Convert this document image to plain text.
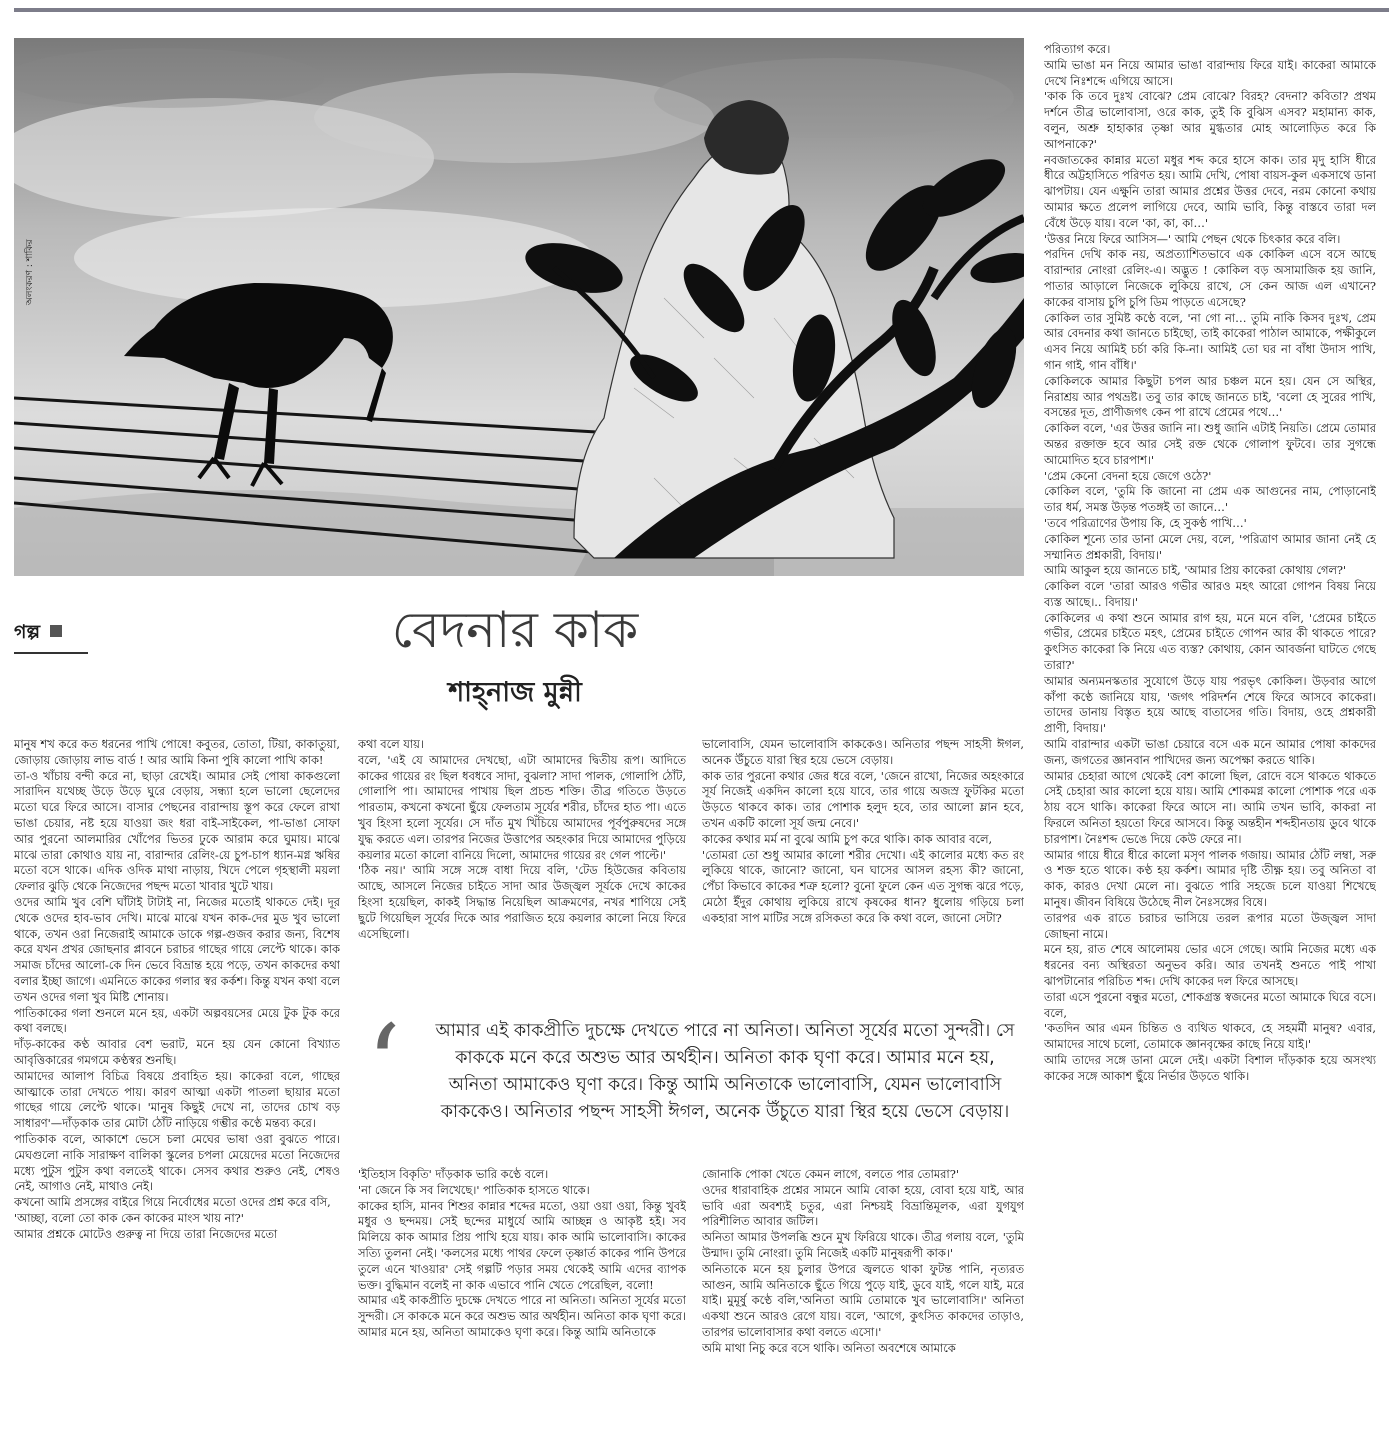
অলংকরণ : শাকির
গল্প	বেদনার কাক
শাহ্‌নাজ মুন্নী

মানুষ শখ করে কত ধরনের পাখি পোষে! কবুতর, তোতা, টিয়া, কাকাতুয়া, জোড়ায় জোড়ায় লাভ বার্ড ! আর আমি কিনা পুষি কালো পাখি কাক!

তা-ও খাঁচায় বন্দী করে না, ছাড়া রেখেই। আমার সেই পোষা কাকগুলো সারাদিন যথেচ্ছ উড়ে উড়ে ঘুরে বেড়ায়, সন্ধ্যা হলে ভালো ছেলেদের মতো ঘরে ফিরে আসে। বাসার পেছনের বারান্দায় স্তূপ করে ফেলে রাখা ভাঙা চেয়ার, নষ্ট হয়ে যাওয়া জং ধরা বাই-সাইকেল, পা-ভাঙা সোফা আর পুরনো আলমারির খোঁপের ভিতর ঢুকে আরাম করে ঘুমায়। মাঝে মাঝে তারা কোথাও যায় না, বারান্দার রেলিং-য়ে চুপ-চাপ ধ্যান-মগ্ন ঋষির মতো বসে থাকে। এদিক ওদিক মাথা নাড়ায়, খিদে পেলে গৃহস্থালী ময়লা ফেলার ঝুড়ি থেকে নিজেদের পছন্দ মতো খাবার খুটে খায়।

ওদের আমি খুব বেশি ঘাঁটাই টাটাই না, নিজের মতোই থাকতে দেই। দূর থেকে ওদের হাব-ভাব দেখি। মাঝে মাঝে যখন কাক-দের মুড খুব ভালো থাকে, তখন ওরা নিজেরাই আমাকে ডাকে গল্প-গুজব করার জন্য, বিশেষ করে যখন প্রখর জোছনার প্লাবনে চরাচর গাছের গায়ে লেপ্টে থাকে। কাক সমাজ চাঁদের আলো-কে দিন ভেবে বিভ্রান্ত হয়ে পড়ে, তখন কাকদের কথা বলার ইচ্ছা জাগে। এমনিতে কাকের গলার স্বর কর্কশ। কিন্তু যখন কথা বলে তখন ওদের গলা খুব মিষ্টি শোনায়।

পাতিকাকের গলা শুনলে মনে হয়, একটা অল্পবয়সের মেয়ে টুক টুক করে কথা বলছে।

দাঁড়-কাকের কণ্ঠ আবার বেশ ভরাট, মনে হয় যেন কোনো বিখ্যাত আবৃত্তিকারের গমগমে কণ্ঠস্বর শুনছি।

আমাদের আলাপ বিচিত্র বিষয়ে প্রবাহিত হয়। কাকেরা বলে, গাছের আত্মাকে তারা দেখতে পায়। কারণ আত্মা একটা পাতলা ছায়ার মতো গাছের গায়ে লেপ্টে থাকে। 'মানুষ কিছুই দেখে না, তাদের চোখ বড় সাধারণ'—দাঁড়কাক তার মোটা ঠোঁট নাড়িয়ে গম্ভীর কণ্ঠে মন্তব্য করে।

পাতিকাক বলে, আকাশে ভেসে চলা মেঘের ভাষা ওরা বুঝতে পারে। মেঘগুলো নাকি সারাক্ষণ বালিকা স্কুলের চপলা মেয়েদের মতো নিজেদের মধ্যে পুটুস পুটুস কথা বলতেই থাকে। সেসব কথার শুরুও নেই, শেষও নেই, আগাও নেই, মাথাও নেই।

কখনো আমি প্রসঙ্গের বাইরে গিয়ে নির্বোধের মতো ওদের প্রশ্ন করে বসি,

'আচ্ছা, বলো তো কাক কেন কাকের মাংস খায় না?'

আমার প্রশ্নকে মোটেও গুরুত্ব না দিয়ে তারা নিজেদের মতো

কথা বলে যায়।

বলে, 'এই যে আমাদের দেখছো, এটা আমাদের দ্বিতীয় রূপ। আদিতে কাকের গায়ের রং ছিল ধবধবে সাদা, বুঝলা? সাদা পালক, গোলাপি ঠোঁট, গোলাপি পা। আমাদের পাখায় ছিল প্রচন্ড শক্তি। তীব্র গতিতে উড়তে পারতাম, কখনো কখনো ছুঁয়ে ফেলতাম সূর্যের শরীর, চাঁদের হাত পা। এতে খুব হিংসা হলো সূর্যের। সে দাঁত মুখ খিঁচিয়ে আমাদের পূর্বপুরুষদের সঙ্গে যুদ্ধ করতে এল। তারপর নিজের উত্তাপের অহংকার দিয়ে আমাদের পুড়িয়ে কয়লার মতো কালো বানিয়ে দিলো, আমাদের গায়ের রং গেল পাল্টে।'

'ঠিক নয়।' আমি সঙ্গে সঙ্গে বাধা দিয়ে বলি, 'টেড হিউজের কবিতায় আছে, আসলে নিজের চাইতে সাদা আর উজ্জ্বল সূর্যকে দেখে কাকের হিংসা হয়েছিল, কাকই সিদ্ধান্ত নিয়েছিল আক্রমণের, নখর শাণিয়ে সেই ছুটে গিয়েছিল সূর্যের দিকে আর পরাজিত হয়ে কয়লার কালো নিয়ে ফিরে এসেছিলো।

ভালোবাসি, যেমন ভালোবাসি কাককেও। অনিতার পছন্দ সাহসী ঈগল, অনেক উঁচুতে যারা স্থির হয়ে ভেসে বেড়ায়।

কাক তার পুরনো কথার জের ধরে বলে, 'জেনে রাখো, নিজের অহংকারে সূর্য নিজেই একদিন কালো হয়ে যাবে, তার গায়ে অজস্র ফুটকির মতো উড়তে থাকবে কাক। তার পোশাক হলুদ হবে, তার আলো ম্লান হবে, তখন একটি কালো সূর্য জন্ম নেবে।'

কাকের কথার মর্ম না বুঝে আমি চুপ করে থাকি। কাক আবার বলে,

'তোমরা তো শুধু আমার কালো শরীর দেখো। এই কালোর মধ্যে কত রং লুকিয়ে থাকে, জানো? জানো, ঘন ঘাসের আসল রহস্য কী? জানো, পেঁচা কিভাবে কাকের শত্রু হলো? বুনো ফুলে কেন এত সুগন্ধ ঝরে পড়ে, মেঠো ইঁদুর কোথায় লুকিয়ে রাখে কৃষকের ধান? ধুলোয় গড়িয়ে চলা একহারা সাপ মাটির সঙ্গে রসিকতা করে কি কথা বলে, জানো সেটা?

‘ আমার এই কাকপ্রীতি দুচক্ষে দেখতে পারে না অনিতা। অনিতা সূর্যের মতো সুন্দরী। সে কাককে মনে করে অশুভ আর অর্থহীন। অনিতা কাক ঘৃণা করে। আমার মনে হয়, অনিতা আমাকেও ঘৃণা করে। কিন্তু আমি অনিতাকে ভালোবাসি, যেমন ভালোবাসি কাককেও। অনিতার পছন্দ সাহসী ঈগল, অনেক উঁচুতে যারা স্থির হয়ে ভেসে বেড়ায়।

'ইতিহাস বিকৃতি' দাঁড়কাক ভারি কণ্ঠে বলে।

'না জেনে কি সব লিখেছে।' পাতিকাক হাসতে থাকে।

কাকের হাসি, মানব শিশুর কান্নার শব্দের মতো, ওয়া ওয়া ওয়া, কিন্তু খুবই মধুর ও ছন্দময়। সেই ছন্দের মাধুর্যে আমি আচ্ছন্ন ও আকৃষ্ট হই। সব মিলিয়ে কাক আমার প্রিয় পাখি হয়ে যায়। কাক আমি ভালোবাসি। কাকের সত্যি তুলনা নেই। 'কলসের মধ্যে পাথর ফেলে তৃষ্ণার্ত কাকের পানি উপরে তুলে এনে খাওয়ার' সেই গল্পটি পড়ার সময় থেকেই আমি এদের ব্যাপক ভক্ত। বুদ্ধিমান বলেই না কাক এভাবে পানি খেতে পেরেছিল, বলো!

আমার এই কাকপ্রীতি দুচক্ষে দেখতে পারে না অনিতা। অনিতা সূর্যের মতো সুন্দরী। সে কাককে মনে করে অশুভ আর অর্থহীন। অনিতা কাক ঘৃণা করে। আমার মনে হয়, অনিতা আমাকেও ঘৃণা করে। কিন্তু আমি অনিতাকে

জোনাকি পোকা খেতে কেমন লাগে, বলতে পার তোমরা?'

ওদের ধারাবাহিক প্রশ্নের সামনে আমি বোকা হয়ে, বোবা হয়ে যাই, আর ভাবি এরা অবশ্যই চতুর, এরা নিশ্চয়ই বিভ্রান্তিমূলক, এরা যুগযুগ পরিশীলিত আবার জটিল।

অনিতা আমার উপলব্ধি শুনে মুখ ফিরিয়ে থাকে। তীব্র গলায় বলে, 'তুমি উন্মাদ। তুমি নোংরা। তুমি নিজেই একটি মানুষরূপী কাক।'

অনিতাকে মনে হয় চুলার উপরে জ্বলতে থাকা ফুটন্ত পানি, নৃত্যরত আগুন, আমি অনিতাকে ছুঁতে গিয়ে পুড়ে যাই, ডুবে যাই, গলে যাই, মরে যাই। মুমূর্ষু কণ্ঠে বলি,'অনিতা আমি তোমাকে খুব ভালোবাসি।' অনিতা একথা শুনে আরও রেগে যায়। বলে, 'আগে, কুৎসিত কাকদের তাড়াও, তারপর ভালোবাসার কথা বলতে এসো।'

অমি মাথা নিচু করে বসে থাকি। অনিতা অবশেষে আমাকে

পরিত্যাগ করে।

আমি ভাঙা মন নিয়ে আমার ভাঙা বারান্দায় ফিরে যাই। কাকেরা আমাকে দেখে নিঃশব্দে এগিয়ে আসে।

'কাক কি তবে দুঃখ বোঝে? প্রেম বোঝে? বিরহ? বেদনা? কবিতা? প্রথম দর্শনে তীব্র ভালোবাসা, ওরে কাক, তুই কি বুঝিস এসব? মহামান্য কাক, বলুন, অশ্রু হাহাকার তৃষ্ণা আর মুগ্ধতার মোহ আলোড়িত করে কি আপনাকে?'

নবজাতকের কান্নার মতো মধুর শব্দ করে হাসে কাক। তার মৃদু হাসি ধীরে ধীরে অট্টহাসিতে পরিণত হয়। আমি দেখি, পোষা বায়স-কুল একসাথে ডানা ঝাপটায়। যেন এক্ষুনি তারা আমার প্রশ্নের উত্তর দেবে, নরম কোনো কথায় আমার ক্ষতে প্রলেপ লাগিয়ে দেবে, আমি ভাবি, কিন্তু বাস্তবে তারা দল বেঁধে উড়ে যায়। বলে 'কা, কা, কা…'

'উত্তর নিয়ে ফিরে আসিস—' আমি পেছন থেকে চিৎকার করে বলি।

পরদিন দেখি কাক নয়, অপ্রত্যাশিতভাবে এক কোকিল এসে বসে আছে বারান্দার নোংরা রেলিং-এ। অদ্ভুত ! কোকিল বড় অসামাজিক হয় জানি, পাতার আড়ালে নিজেকে লুকিয়ে রাখে, সে কেন আজ এল এখানে? কাকের বাসায় চুপি চুপি ডিম পাড়তে এসেছে?

কোকিল তার সুমিষ্ট কণ্ঠে বলে, 'না গো না… তুমি নাকি কিসব দুঃখ, প্রেম আর বেদনার কথা জানতে চাইছো, তাই কাকেরা পাঠাল আমাকে, পক্ষীকুলে এসব নিয়ে আমিই চর্চা করি কি-না। আমিই তো ঘর না বাঁধা উদাস পাখি, গান গাই, গান বাঁধি।'

কোকিলকে আমার কিছুটা চপল আর চঞ্চল মনে হয়। যেন সে অস্থির, নিরাশ্রয় আর পথভ্রষ্ট। তবু তার কাছে জানতে চাই, 'বলো হে সুরের পাখি, বসন্তের দূত, প্রাণীজগৎ কেন পা রাখে প্রেমের পথে…'

কোকিল বলে, 'এর উত্তর জানি না। শুধু জানি এটাই নিয়তি। প্রেমে তোমার অন্তর রক্তাক্ত হবে আর সেই রক্ত থেকে গোলাপ ফুটবে। তার সুগন্ধে আমোদিত হবে চারপাশ।'

'প্রেম কেনো বেদনা হয়ে জেগে ওঠে?'

কোকিল বলে, 'তুমি কি জানো না প্রেম এক আগুনের নাম, পোড়ানোই তার ধর্ম, সমস্ত উড়ন্ত পতঙ্গই তা জানে…'

'তবে পরিত্রাণের উপায় কি, হে সুকণ্ঠ পাখি…'

কোকিল শূন্যে তার ডানা মেলে দেয়, বলে, 'পরিত্রাণ আমার জানা নেই হে সম্মানিত প্রশ্নকারী, বিদায়।'

আমি আকুল হয়ে জানতে চাই, 'আমার প্রিয় কাকেরা কোথায় গেল?'

কোকিল বলে 'তারা আরও গভীর আরও মহৎ আরো গোপন বিষয় নিয়ে ব্যস্ত আছে।.. বিদায়।'

কোকিলের এ কথা শুনে আমার রাগ হয়, মনে মনে বলি, 'প্রেমের চাইতে গভীর, প্রেমের চাইতে মহৎ, প্রেমের চাইতে গোপন আর কী থাকতে পারে? কুৎসিত কাকেরা কি নিয়ে এত ব্যস্ত? কোথায়, কোন আবর্জনা ঘাটতে গেছে তারা?'

আমার অন্যমনস্কতার সুযোগে উড়ে যায় পরভৃৎ কোকিল। উড়বার আগে কাঁপা কণ্ঠে জানিয়ে যায়, 'জগৎ পরিদর্শন শেষে ফিরে আসবে কাকেরা। তাদের ডানায় বিস্তৃত হয়ে আছে বাতাসের গতি। বিদায়, ওহে প্রশ্নকারী প্রাণী, বিদায়।'

আমি বারান্দার একটা ভাঙা চেয়ারে বসে এক মনে আমার পোষা কাকদের জন্য, জগতের জ্ঞানবান পাখিদের জন্য অপেক্ষা করতে থাকি।

আমার চেহারা আগে থেকেই বেশ কালো ছিল, রোদে বসে থাকতে থাকতে সেই চেহারা আর কালো হয়ে যায়। আমি শোকমগ্ন কালো পোশাক পরে এক ঠায় বসে থাকি। কাকেরা ফিরে আসে না। আমি তখন ভাবি, কাকরা না ফিরলে অনিতা হয়তো ফিরে আসবে। কিন্তু অন্তহীন শব্দহীনতায় ডুবে থাকে চারপাশ। নৈঃশব্দ ভেঙে দিয়ে কেউ ফেরে না।

আমার গায়ে ধীরে ধীরে কালো মসৃণ পালক গজায়। আমার ঠোঁট লম্বা, সরু ও শক্ত হতে থাকে। কণ্ঠ হয় কর্কশ। আমার দৃষ্টি তীক্ষ্ণ হয়। তবু অনিতা বা কাক, কারও দেখা মেলে না। বুঝতে পারি সহজে চলে যাওয়া শিখেছে মানুষ। জীবন বিষিয়ে উঠেছে নীল নৈঃসঙ্গের বিষে।

তারপর এক রাতে চরাচর ভাসিয়ে তরল রূপার মতো উজ্জ্বল সাদা জোছনা নামে।

মনে হয়, রাত শেষে আলোময় ভোর এসে গেছে। আমি নিজের মধ্যে এক ধরনের বন্য অস্থিরতা অনুভব করি। আর তখনই শুনতে পাই পাখা ঝাপটানোর পরিচিত শব্দ। দেখি কাকের দল ফিরে আসছে।

তারা এসে পুরনো বন্ধুর মতো, শোকগ্রস্ত স্বজনের মতো আমাকে ঘিরে বসে। বলে,

'কতদিন আর এমন চিন্তিত ও ব্যথিত থাকবে, হে সহমর্মী মানুষ? এবার, আমাদের সাথে চলো, তোমাকে জ্ঞানবৃক্ষের কাছে নিয়ে যাই।'

আমি তাদের সঙ্গে ডানা মেলে দেই। একটা বিশাল দাঁড়কাক হয়ে অসংখ্য কাকের সঙ্গে আকাশ ছুঁয়ে নির্ভার উড়তে থাকি।
